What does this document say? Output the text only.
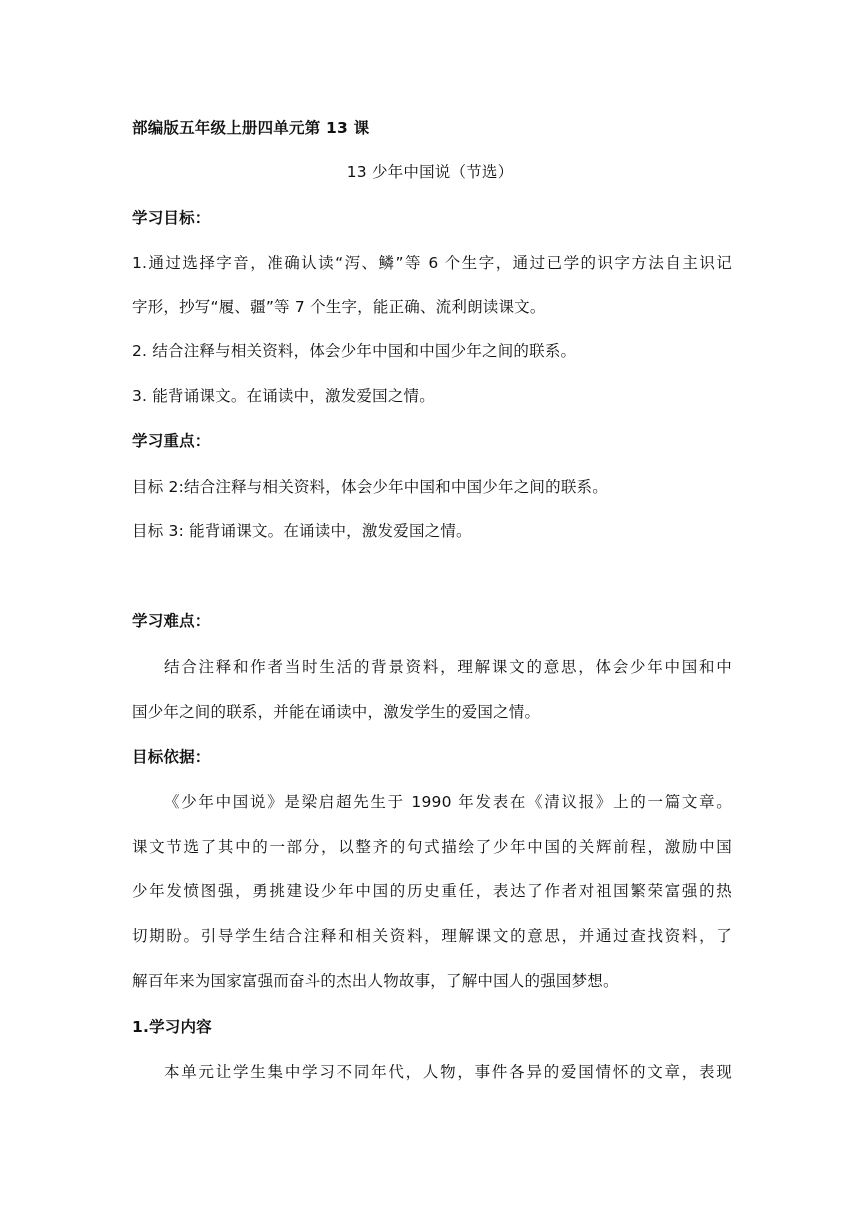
部编版五年级上册四单元第 13 课
13 少年中国说（节选）
学习目标：
1.通过选择字音，准确认读“泻、鳞”等 6 个生字，通过已学的识字方法自主识记
字形，抄写“履、疆”等 7 个生字，能正确、流利朗读课文。
2. 结合注释与相关资料，体会少年中国和中国少年之间的联系。
3. 能背诵课文。在诵读中，激发爱国之情。
学习重点：
目标 2:结合注释与相关资料，体会少年中国和中国少年之间的联系。
目标 3: 能背诵课文。在诵读中，激发爱国之情。
学习难点：
结合注释和作者当时生活的背景资料，理解课文的意思，体会少年中国和中
国少年之间的联系，并能在诵读中，激发学生的爱国之情。
目标依据：
《少年中国说》是梁启超先生于 1990 年发表在《清议报》上的一篇文章。
课文节选了其中的一部分，以整齐的句式描绘了少年中国的关辉前程，激励中国
少年发愤图强，勇挑建设少年中国的历史重任，表达了作者对祖国繁荣富强的热
切期盼。引导学生结合注释和相关资料，理解课文的意思，并通过查找资料，了
解百年来为国家富强而奋斗的杰出人物故事，了解中国人的强国梦想。
1.学习内容
本单元让学生集中学习不同年代，人物，事件各异的爱国情怀的文章，表现
